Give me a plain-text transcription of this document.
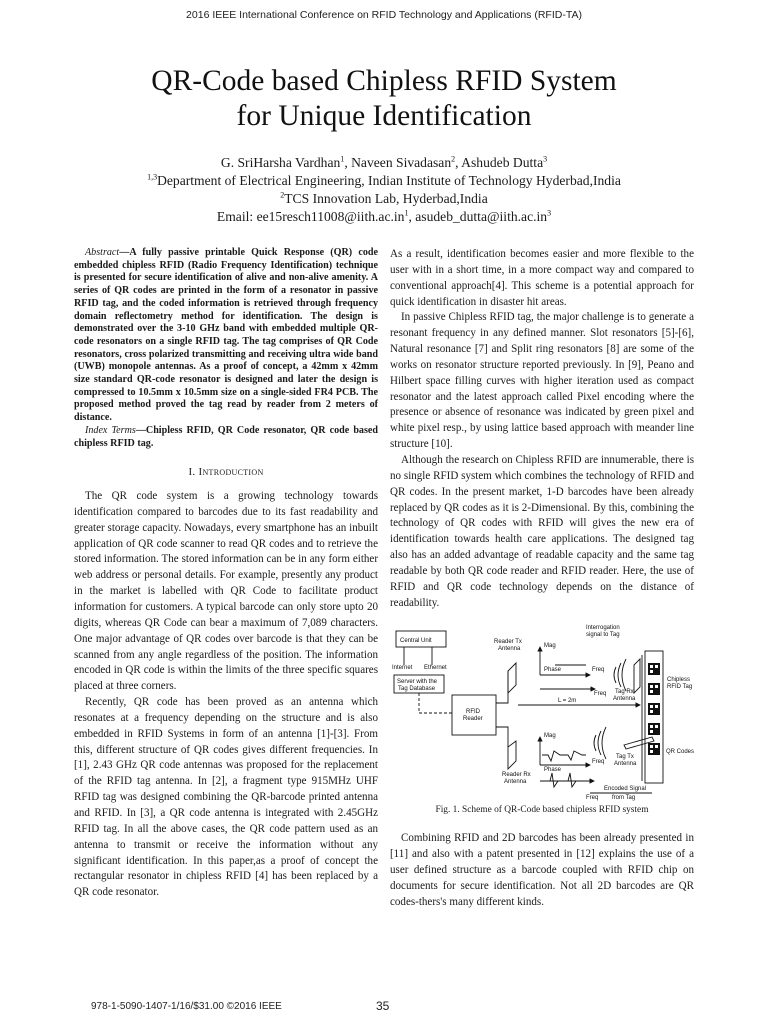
2016 IEEE International Conference on RFID Technology and Applications (RFID-TA)
QR-Code based Chipless RFID System
for Unique Identification
G. SriHarsha Vardhan$^1$, Naveen Sivadasan$^2$, Ashudeb Dutta$^3$
$^{1,3}$Department of Electrical Engineering, Indian Institute of Technology Hyderbad,India
$^2$TCS Innovation Lab, Hyderbad,India
Email: $ee15resch11008@iith.ac.in^1$, $asudeb\_dutta@iith.ac.in^3$

Abstract—A fully passive printable Quick Response (QR) code embedded chipless RFID (Radio Frequency Identification) technique is presented for secure identification of alive and non-alive amenity. A series of QR codes are printed in the form of a resonator in passive RFID tag, and the coded information is retrieved through frequency domain reflectometry method for identification. The design is demonstrated over the 3-10 GHz band with embedded multiple QR-code resonators on a single RFID tag. The tag comprises of QR Code resonators, cross polarized transmitting and receiving ultra wide band (UWB) monopole antennas. As a proof of concept, a 42mm x 42mm size standard QR-code resonator is designed and later the design is compressed to 10.5mm x 10.5mm size on a single-sided FR4 PCB. The proposed method proved the tag read by reader from 2 meters of distance.

Index Terms—Chipless RFID, QR Code resonator, QR code based chipless RFID tag.

I. Introduction

The QR code system is a growing technology towards identification compared to barcodes due to its fast readability and greater storage capacity. Nowadays, every smartphone has an inbuilt application of QR code scanner to read QR codes and to retrieve the stored information. The stored information can be in any form either web address or personal details. For example, presently any product in the market is labelled with QR Code to facilitate product information for customers. A typical barcode can only store upto 20 digits, whereas QR Code can bear a maximum of 7,089 characters. One major advantage of QR codes over barcode is that they can be scanned from any angle regardless of the position. The information encoded in QR code is within the limits of the three specific squares placed at three corners.

Recently, QR code has been proved as an antenna which resonates at a frequency depending on the structure and is also embedded in RFID Systems in form of an antenna [1]-[3]. From this, different structure of QR codes gives different frequencies. In [1], 2.43 GHz QR code antennas was proposed for the replacement of the RFID tag antenna. In [2], a fragment type 915MHz UHF RFID tag was designed combining the QR-barcode printed antenna and RFID. In [3], a QR code antenna is integrated with 2.45GHz RFID tag. In all the above cases, the QR code pattern used as an antenna to transmit or receive the information without any significant identification. In this paper,as a proof of concept the rectangular resonator in chipless RFID [4] has been replaced by a QR code resonator.

As a result, identification becomes easier and more flexible to the user with in a short time, in a more compact way and compared to conventional approach[4]. This scheme is a potential approach for quick identification in disaster hit areas.

In passive Chipless RFID tag, the major challenge is to generate a resonant frequency in any defined manner. Slot resonators [5]-[6], Natural resonance [7] and Split ring resonators [8] are some of the works on resonator structure reported previously. In [9], Peano and Hilbert space filling curves with higher iteration used as compact resonator and the latest approach called Pixel encoding where the presence or absence of resonance was indicated by green pixel and white pixel resp., by using lattice based approach with meander line structure [10].

Although the research on Chipless RFID are innumerable, there is no single RFID system which combines the technology of RFID and QR codes. In the present market, 1-D barcodes have been already replaced by QR codes as it is 2-Dimensional. By this, combining the technology of QR codes with RFID will gives the new era of identification towards health care applications. The designed tag also has an added advantage of readable capacity and the same tag readable by both QR code reader and RFID reader. Here, the use of RFID and QR code technology depends on the distance of readability.

Central Unit
Internet Ethernet
Server with the
Tag Database
RFID
Reader
Reader Tx
Antenna
Reader Rx
Antenna
Interrogation
signal to Tag
Mag
Phase	Freq
Freq Tag Rx
Antenna
L = 2m
Chipless
RFID Tag
QR Codes
Tag Tx
Antenna
Mag
Phase
Freq
Freq
Encoded Signal
from Tag
Fig. 1. Scheme of QR-Code based chipless RFID system

Combining RFID and 2D barcodes has been already presented in [11] and also with a patent presented in [12] explains the use of a user defined structure as a barcode coupled with RFID chip on documents for secure identification. Not all 2D barcodes are QR codes-thers's many different kinds.

978-1-5090-1407-1/16/$31.00 ©2016 IEEE	35
